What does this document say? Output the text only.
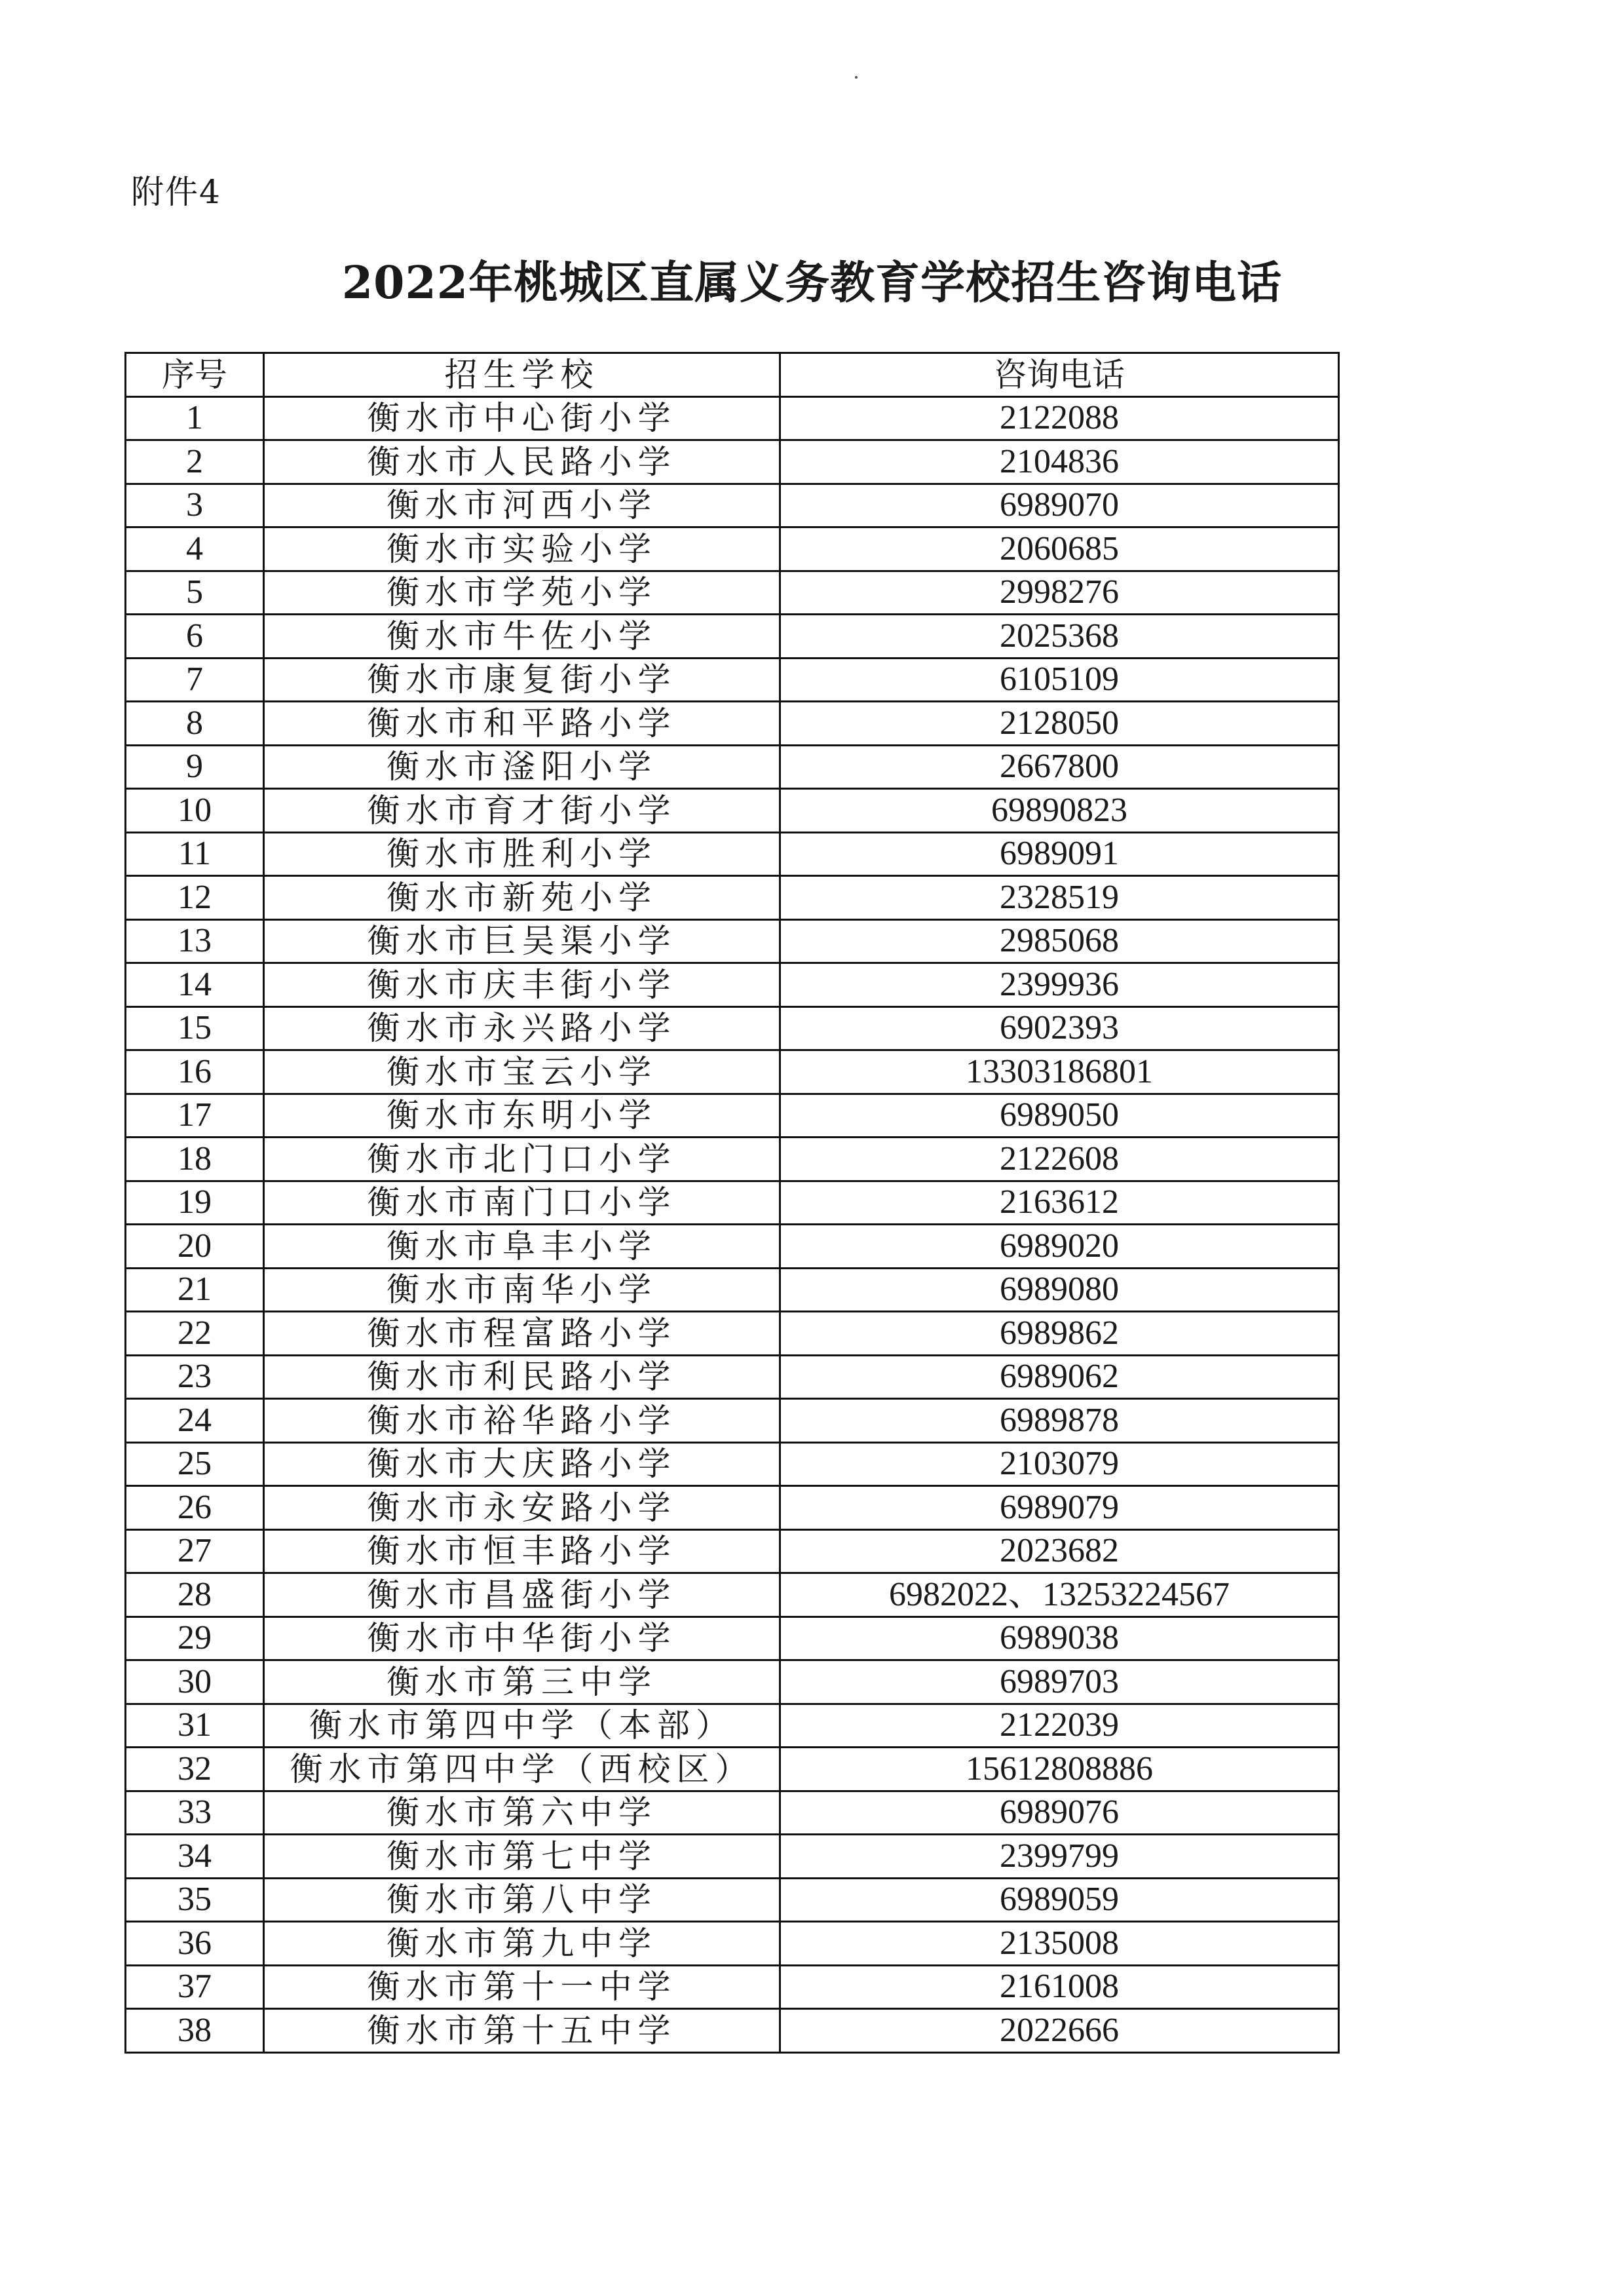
附件4
2022年桃城区直属义务教育学校招生咨询电话
序号	招生学校	咨询电话
1	衡水市中心街小学	2122088
2	衡水市人民路小学	2104836
3	衡水市河西小学	6989070
4	衡水市实验小学	2060685
5	衡水市学苑小学	2998276
6	衡水市牛佐小学	2025368
7	衡水市康复街小学	6105109
8	衡水市和平路小学	2128050
9	衡水市滏阳小学	2667800
10	衡水市育才街小学	69890823
11	衡水市胜利小学	6989091
12	衡水市新苑小学	2328519
13	衡水市巨吴渠小学	2985068
14	衡水市庆丰街小学	2399936
15	衡水市永兴路小学	6902393
16	衡水市宝云小学	13303186801
17	衡水市东明小学	6989050
18	衡水市北门口小学	2122608
19	衡水市南门口小学	2163612
20	衡水市阜丰小学	6989020
21	衡水市南华小学	6989080
22	衡水市程富路小学	6989862
23	衡水市利民路小学	6989062
24	衡水市裕华路小学	6989878
25	衡水市大庆路小学	2103079
26	衡水市永安路小学	6989079
27	衡水市恒丰路小学	2023682
28	衡水市昌盛街小学	6982022、13253224567
29	衡水市中华街小学	6989038
30	衡水市第三中学	6989703
31	衡水市第四中学（本部）	2122039
32	衡水市第四中学（西校区）	15612808886
33	衡水市第六中学	6989076
34	衡水市第七中学	2399799
35	衡水市第八中学	6989059
36	衡水市第九中学	2135008
37	衡水市第十一中学	2161008
38	衡水市第十五中学	2022666
